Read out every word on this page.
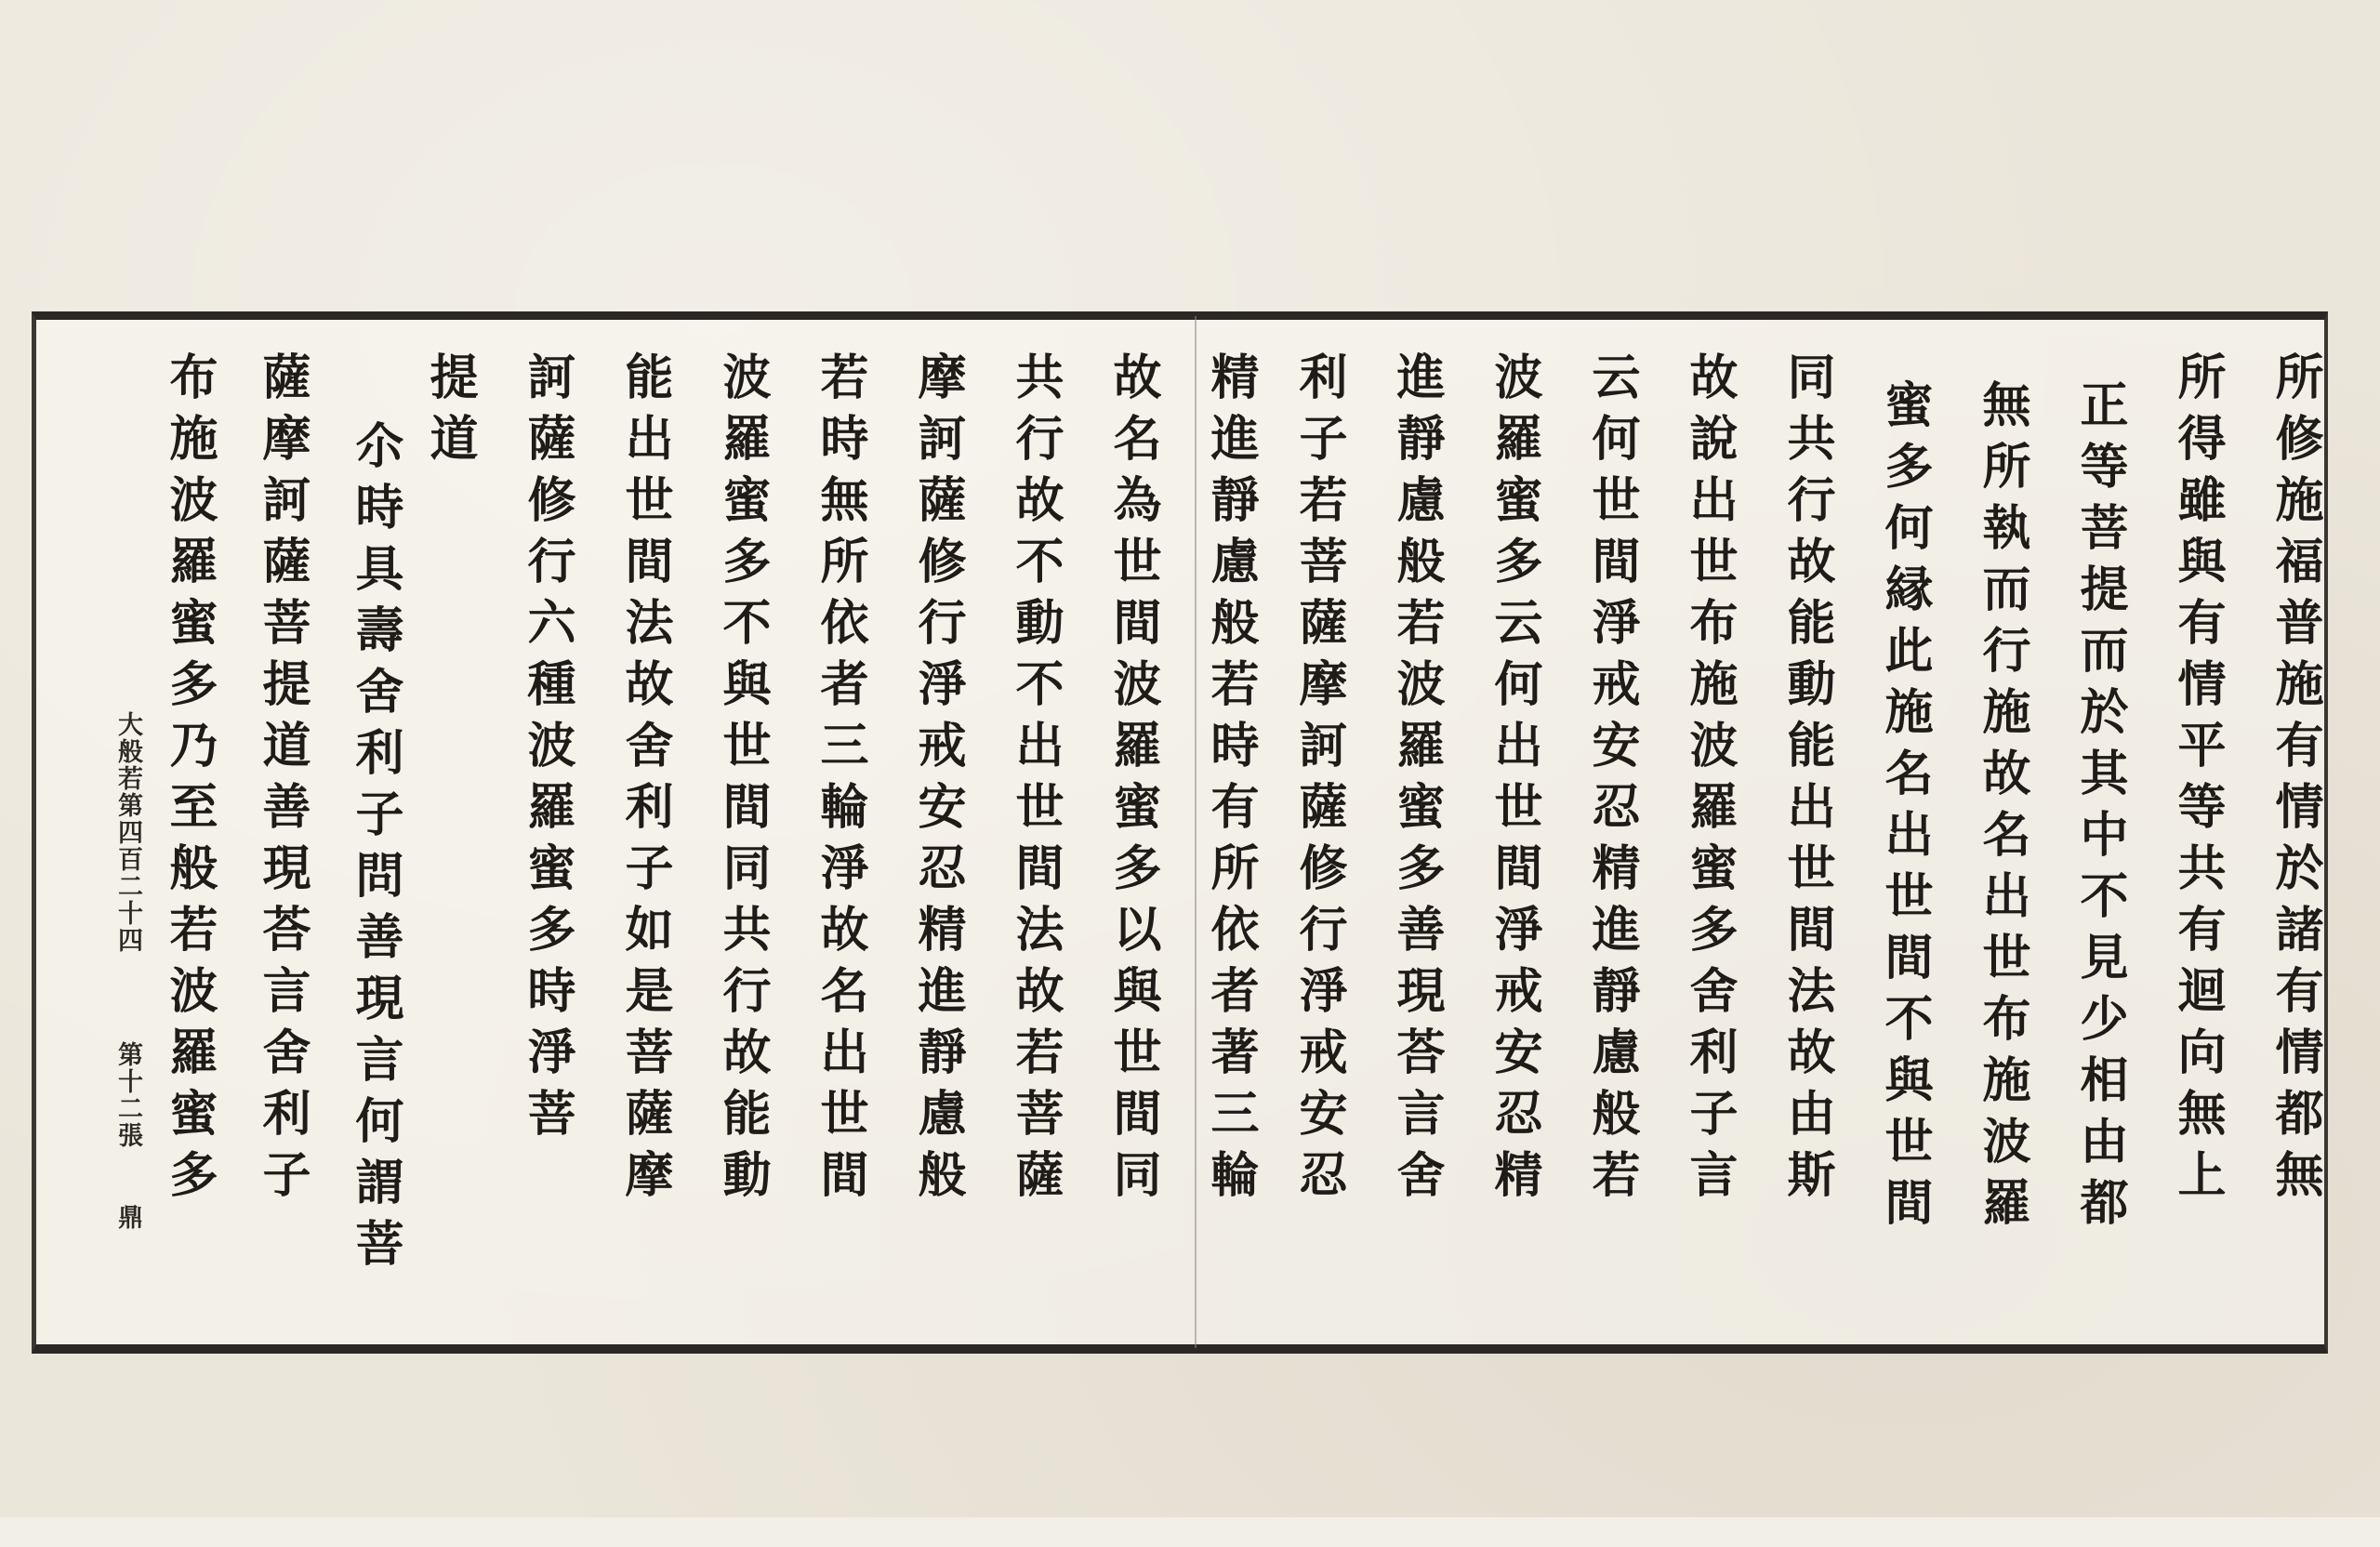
所修施福普施有情於諸有情都無
所得雖與有情平等共有迴向無上
正等菩提而於其中不見少相由都
無所執而行施故名出世布施波羅
蜜多何縁此施名出世間不與世間
同共行故能動能出世間法故由斯
故說出世布施波羅蜜多舍利子言
云何世間淨戒安忍精進靜慮般若
波羅蜜多云何出世間淨戒安忍精
進靜慮般若波羅蜜多善現荅言舍
利子若菩薩摩訶薩修行淨戒安忍
精進靜慮般若時有所依者著三輪
故名為世間波羅蜜多以與世間同
共行故不動不出世間法故若菩薩
摩訶薩修行淨戒安忍精進靜慮般
若時無所依者三輪淨故名出世間
波羅蜜多不與世間同共行故能動
能出世間法故舍利子如是菩薩摩
訶薩修行六種波羅蜜多時淨菩
提道
尒時具壽舍利子問善現言何謂菩
薩摩訶薩菩提道善現荅言舍利子
布施波羅蜜多乃至般若波羅蜜多
大般若第四百二十四
第十二張
鼎
